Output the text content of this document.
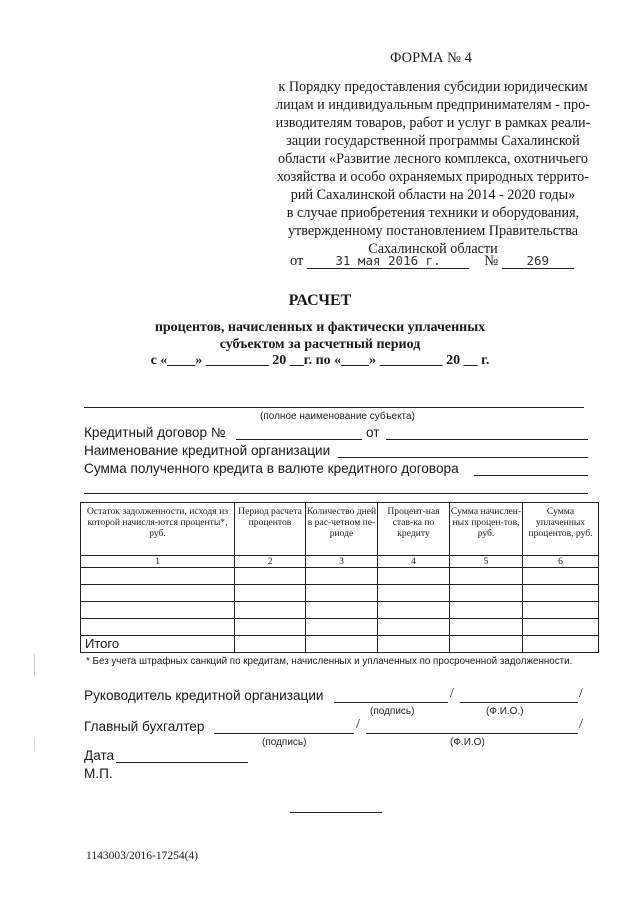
ФОРМА № 4
к Порядку предоставления субсидии юридическим
лицам и индивидуальным предпринимателям - про-
изводителям товаров, работ и услуг в рамках реали-
зации государственной программы Сахалинской
области «Развитие лесного комплекса, охотничьего
хозяйства и особо охраняемых природных террито-
рий Сахалинской области на 2014 - 2020 годы»
в случае приобретения техники и оборудования,
утвержденному постановлением Правительства
Сахалинской области
от	31 мая 2016 г.	№ 269
РАСЧЕТ
процентов, начисленных и фактически уплаченных
субъектом за расчетный период
с «____» _________ 20 __г. по «____» _________ 20 __ г.
(полное наименование субъекта)
Кредитный договор №	от
Наименование кредитной организации
Сумма полученного кредита в валюте кредитного договора
Остаток задолженности, исходя из которой начисля-ются проценты*, руб.	Период расчета процентов	Количество дней в рас-четном пе-риоде	Процент-ная став-ка по кредиту	Сумма начислен-ных процен-тов, руб.	Сумма уплаченных процентов, руб.
1	2	3	4	5	6

Итого					
* Без учета штрафных санкций по кредитам, начисленных и уплаченных по просроченной задолженности.
Руководитель кредитной организации	/	/
(подпись)	(Ф.И.О.)
Главный бухгалтер	/	/
(подпись)	(Ф.И.О)
Дата
М.П.
1143003/2016-17254(4)
